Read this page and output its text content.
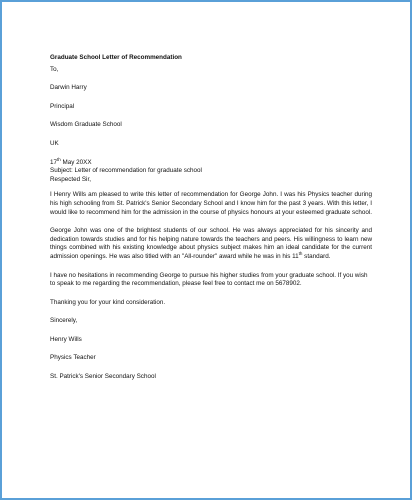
Graduate School Letter of Recommendation
To,
Darwin Harry
Principal
Wisdom Graduate School
UK
17th May 20XX
Subject: Letter of recommendation for graduate school
Respected Sir,

I Henry Wills am pleased to write this letter of recommendation for George John. I was his Physics teacher during his high schooling from St. Patrick's Senior Secondary School and I know him for the past 3 years. With this letter, I would like to recommend him for the admission in the course of physics honours at your esteemed graduate school.

George John was one of the brightest students of our school. He was always appreciated for his sincerity and dedication towards studies and for his helping nature towards the teachers and peers. His willingness to learn new things combined with his existing knowledge about physics subject makes him an ideal candidate for the current admission openings. He was also titled with an "All-rounder" award while he was in his 11th standard.

I have no hesitations in recommending George to pursue his higher studies from your graduate school. If you wish to speak to me regarding the recommendation, please feel free to contact me on 5678902.

Thanking you for your kind consideration.
Sincerely,
Henry Wills
Physics Teacher
St. Patrick's Senior Secondary School
